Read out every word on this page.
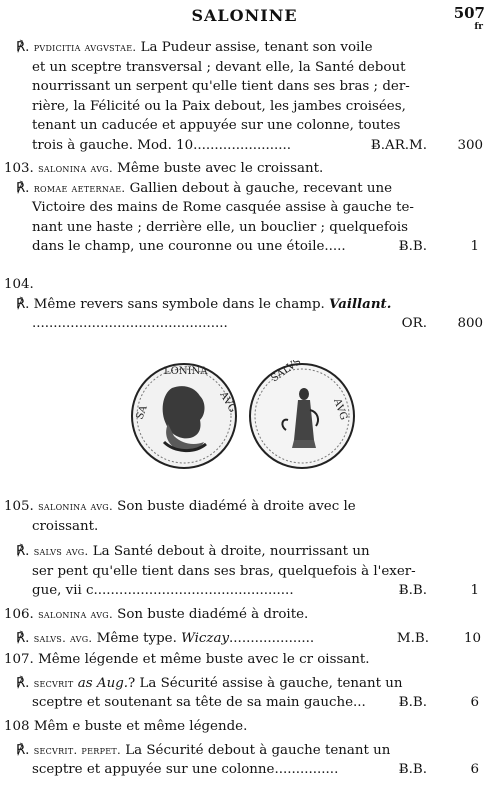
SALONINE	507
fr
℟. pvdicitia avgvstae. La Pudeur assise, tenant son voile
et un sceptre transversal ; devant elle, la Santé debout
nourrissant un serpent qu'elle tient dans ses bras ; der-
rière, la Félicité ou la Paix debout, les jambes croisées,
tenant un caducée et appuyée sur une colonne, toutes
trois à gauche. Mod. 10.......................	Ƀ.AR.M. 300
103. salonina avg. Même buste avec le croissant.
℟. romae aeternae. Gallien debout à gauche, recevant une
Victoire des mains de Rome casquée assise à gauche te-
nant une haste ; derrière elle, un bouclier ; quelquefois
dans le champ, une couronne ou une étoile.....	Ƀ.B.	1
104.
℟. Même revers sans symbole dans le champ. Vaillant.
..............................................	OR. 800
SA
LONINA
AVG
SALVS
AVG
105. salonina avg. Son buste diadémé à droite avec le
croissant.
℟. salvs avg. La Santé debout à droite, nourrissant un
ser pent qu'elle tient dans ses bras, quelquefois à l'exer-
gue, vii c...............................................	Ƀ.B.	1
106. salonina avg. Son buste diadémé à droite.
℟. salvs. avg. Même type. Wiczay....................	M.B.	10
107. Même légende et même buste avec le cr oissant.
℟. secvrit as Aug.? La Sécurité assise à gauche, tenant un
sceptre et soutenant sa tête de sa main gauche... Ƀ.B.	6
108 Mêm e buste et même légende.
℟. secvrit. perpet. La Sécurité debout à gauche tenant un
sceptre et appuyée sur une colonne...............	Ƀ.B.	6
